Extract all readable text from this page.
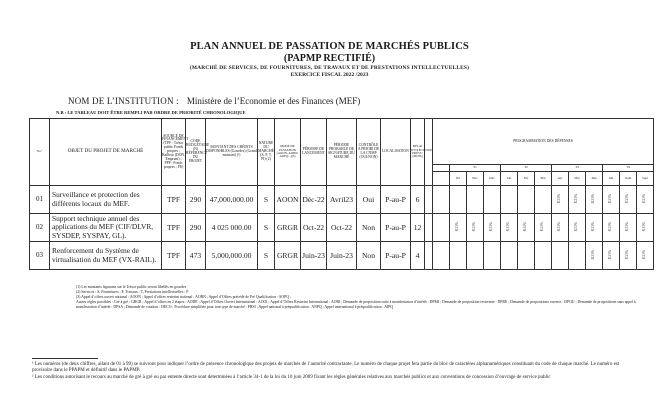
PLAN ANNUEL DE PASSATION DE MARCHÉS PUBLICS
(PAPMP RECTIFIÉ)
(MARCHÉ DE SERVICES, DE FOURNITURES, DE TRAVAUX ET DE PRESTATIONS INTELLECTUELLES)
EXERCICE FISCAL 2022 /2023
NOM DE L’INSTITUTION : Ministère de l’Economie et des Finances (MEF)
N.B : LE TABLEAU DOIT ÊTRE REMPLI PAR ORDRE DE PRIORITÉ CHRONOLOGIQUE
No.¹	OBJET DU PROJET DE MARCHÉ	SOURCE DE FINANCEMENT (TPF : Trésor public Fonds propres ; Bailleur (DON, Emprunt) ; PPP ; Fonds propres ; FE)	CODE BUDGÉTAIRE (N) RÉFÉRENCE DU PROJET	MONTANT DES CRÉDITS DISPONIBLES (Gourdes) (Grand montant) (¹)	NATURE DU MARCHÉ (S, F, T, PI) (2)	MODE DE PASSATION (AOON, ADDN, AOPQ...)(3)	PÉRIODE DE LANCEMENT	PÉRIODE PROBABLE DE SIGNATURE DU MARCHÉ	CONTRÔLE A PRIORI DE LA CNMP (OUI/NON)	LOCALISATION	DÉLAI D’EXÉCUTION PRÉVU (MOIS)		PROGRAMMATION DES DÉPENSES												
														T1			T2			T3			T4		
														Oct	Nov	Déc	Jan	Fév	Mar	Avr	Mai	Juin	Juil	Août	Sept
01	Surveillance et protection des différents locaux du MEF.	TPF	290	47,000,000.00	S	AOON	Déc-22	Avril23	Oui	P-au-P	6									8.33%	8.33%	8.33%	8.33%	8.33%	8.33%
02	Support technique annuel des applications du MEF (CIF/DLVR, SYSDEP, SYSPAY, GL).	TPF	290	4 025 000.00	S	GRGR	Oct-22	Oct-22	Non	P-au-P	12			8.33%	8.33%	8.33%	8.33%	8.33%	8.33%	8.33%	8.33%	8.33%	8.33%	8.33%	8.33%
03	Renforcement du Système de virtualisation du MEF (VX-RAIL).	TPF	473	5,000,000.00	S	GRGR	Juin-23	Juin-23	Non	P-au-P	4											8.33%	8.33%	8.33%	8.33%

(1) Les montants figurants sur le Trésor public seront libellés en gourdes

(2) Services : S, Fournitures : F, Travaux : T, Prestations intellectuelles : P

(3) Appel d’offres ouvert national : AOON ; Appel d’offres restreint national : AORN ; Appel d’Offres précédé de Pré Qualification : AOPQ ;

Autres règles possibles : Gré à gré : GRGR ; Appel d’offres en 2 étapes : AODE ; Appel d’Offres Ouvert International : AOOI ; Appel d’Offres Restreint International : AORI ; Demande de proposition suite à manifestation d’intérêt : DPMI ; Demande de proposition restreinte : DPRE ; Demande de propositions ouverte : DPOU ; Demande de propositions sans appel à manifestation d’intérêt : DPSA ; Demande de cotation : DECO ; Procédure simplifiée pour tout type de marché : PRSI ; Appel national à préqualification : ANPQ ; Appel international à préqualification : AIPQ

¹ Les numéros (de deux chiffres, allant de 01 à 99) se suivront pour indiquer l’ordre de présence chronologique des projets de marchés de l’autorité contractante. Le numéro de chaque projet fera partie du bloc de caractères alphanumériques constituant du code de chaque marché. Le numéro est provisoire dans le PPAPM et définitif dans le PAPMP.

² Les conditions autorisant le recours au marché de gré à gré ou par entente directe sont déterminées à l’article 34-1 de la loi du 10 juin 2009 fixant les règles générales relatives aux marchés publics et aux conventions de concession d’ouvrage de service public
